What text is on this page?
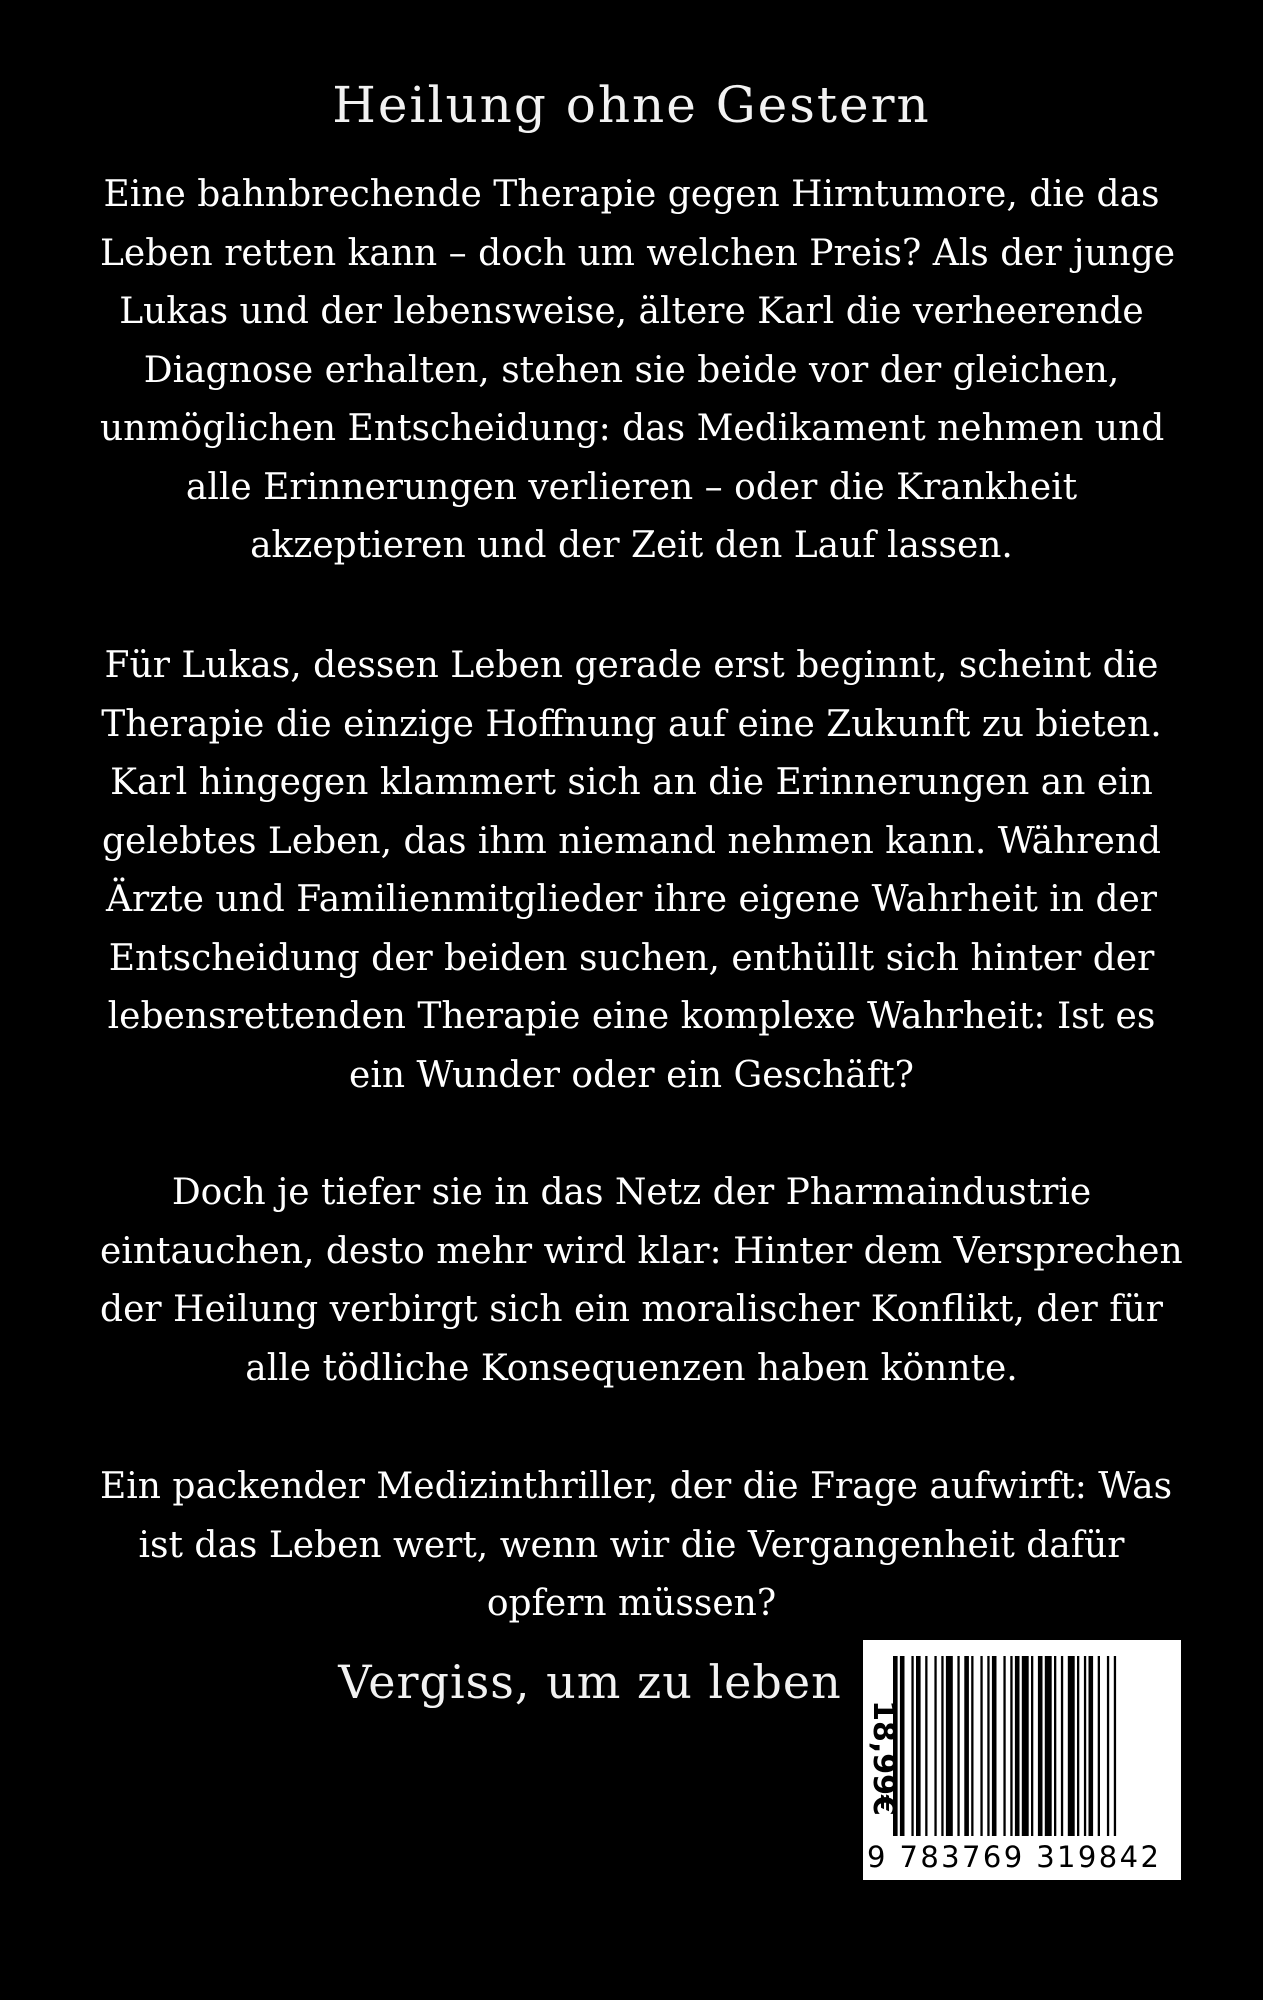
Heilung ohne Gestern
Eine bahnbrechende Therapie gegen Hirntumore, die das
Leben retten kann – doch um welchen Preis? Als der junge
Lukas und der lebensweise, ältere Karl die verheerende
Diagnose erhalten, stehen sie beide vor der gleichen,
unmöglichen Entscheidung: das Medikament nehmen und
alle Erinnerungen verlieren – oder die Krankheit
akzeptieren und der Zeit den Lauf lassen.
Für Lukas, dessen Leben gerade erst beginnt, scheint die
Therapie die einzige Hoffnung auf eine Zukunft zu bieten.
Karl hingegen klammert sich an die Erinnerungen an ein
gelebtes Leben, das ihm niemand nehmen kann. Während
Ärzte und Familienmitglieder ihre eigene Wahrheit in der
Entscheidung der beiden suchen, enthüllt sich hinter der
lebensrettenden Therapie eine komplexe Wahrheit: Ist es
ein Wunder oder ein Geschäft?
Doch je tiefer sie in das Netz der Pharmaindustrie
eintauchen, desto mehr wird klar: Hinter dem Versprechen
der Heilung verbirgt sich ein moralischer Konflikt, der für
alle tödliche Konsequenzen haben könnte.
Ein packender Medizinthriller, der die Frage aufwirft: Was
ist das Leben wert, wenn wir die Vergangenheit dafür
opfern müssen?
Vergiss, um zu leben
18,99€
9 783769 319842
